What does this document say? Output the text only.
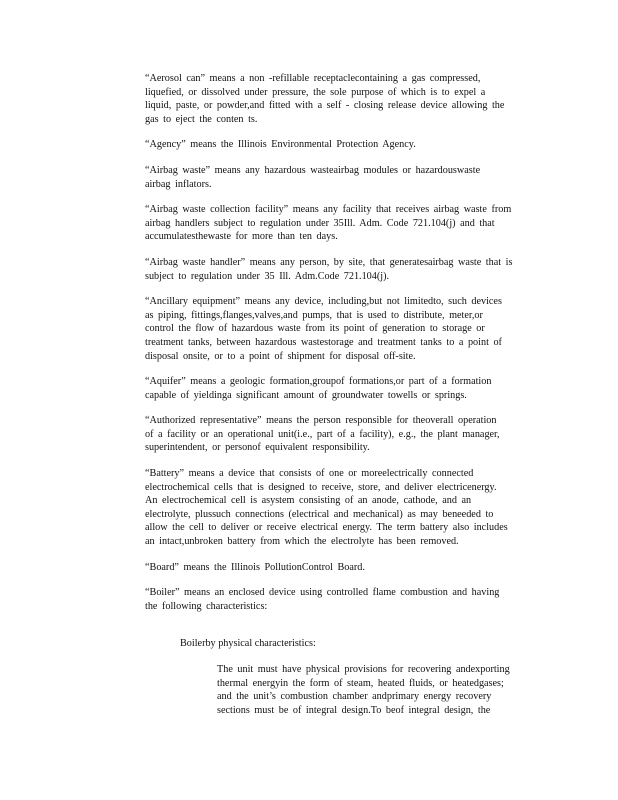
“Aerosol can” means a non -refillable receptaclecontaining a gas compressed,
liquefied, or dissolved under pressure, the sole purpose of which is to expel a
liquid, paste, or powder,and fitted with a self - closing release device allowing the
gas to eject the conten ts.

“Agency” means the Illinois Environmental Protection Agency.

“Airbag waste” means any hazardous wasteairbag modules or hazardouswaste
airbag inflators.

“Airbag waste collection facility” means any facility that receives airbag waste from
airbag handlers subject to regulation under 35Ill. Adm. Code 721.104(j) and that
accumulatesthewaste for more than ten days.

“Airbag waste handler” means any person, by site, that generatesairbag waste that is
subject to regulation under 35 Ill. Adm.Code 721.104(j).

“Ancillary equipment” means any device, including,but not limitedto, such devices
as piping, fittings,flanges,valves,and pumps, that is used to distribute, meter,or
control the flow of hazardous waste from its point of generation to storage or
treatment tanks, between hazardous wastestorage and treatment tanks to a point of
disposal onsite, or to a point of shipment for disposal off-site.

“Aquifer” means a geologic formation,groupof formations,or part of a formation
capable of yieldinga significant amount of groundwater towells or springs.

“Authorized representative” means the person responsible for theoverall operation
of a facility or an operational unit(i.e., part of a facility), e.g., the plant manager,
superintendent, or personof equivalent responsibility.

“Battery” means a device that consists of one or moreelectrically connected
electrochemical cells that is designed to receive, store, and deliver electricenergy.
An electrochemical cell is asystem consisting of an anode, cathode, and an
electrolyte, plussuch connections (electrical and mechanical) as may beneeded to
allow the cell to deliver or receive electrical energy. The term battery also includes
an intact,unbroken battery from which the electrolyte has been removed.

“Board” means the Illinois PollutionControl Board.

“Boiler” means an enclosed device using controlled flame combustion and having
the following characteristics:

Boilerby physical characteristics:
The unit must have physical provisions for recovering andexporting
thermal energyin the form of steam, heated fluids, or heatedgases;
and the unit’s combustion chamber andprimary energy recovery
sections must be of integral design.To beof integral design, the
